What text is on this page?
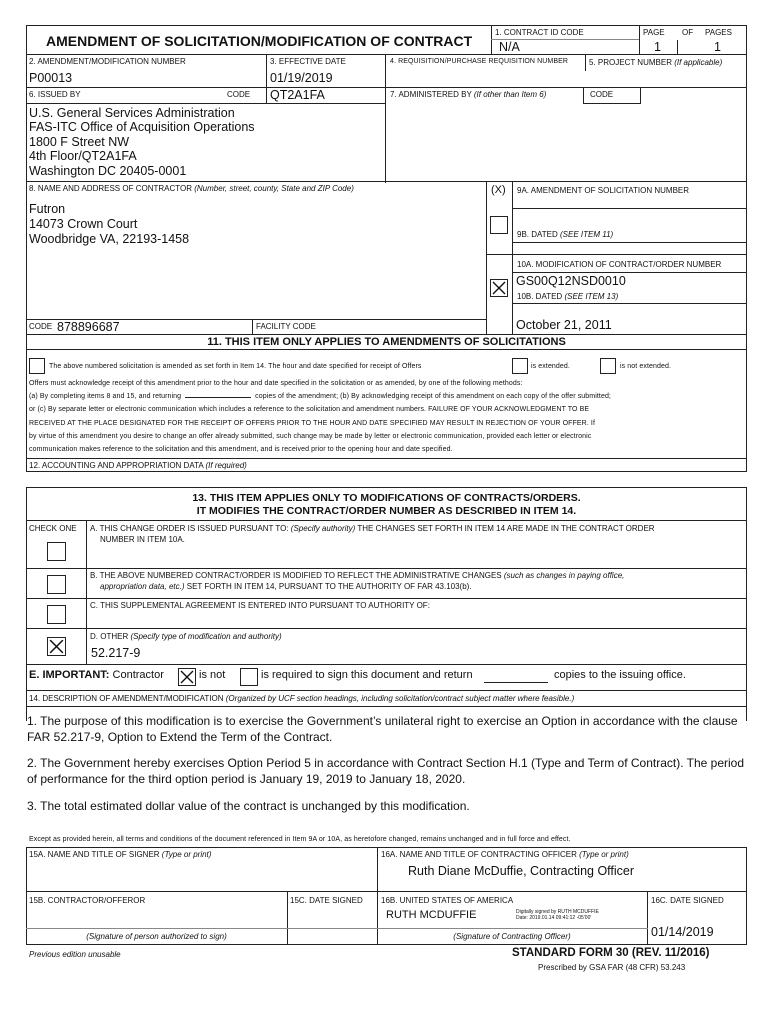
AMENDMENT OF SOLICITATION/MODIFICATION OF CONTRACT
1. CONTRACT ID CODE
N/A
PAGE OF PAGES
1	1
2. AMENDMENT/MODIFICATION NUMBER
P00013
3. EFFECTIVE DATE
01/19/2019
4. REQUISITION/PURCHASE REQUISITION NUMBER	5. PROJECT NUMBER (If applicable)
6. ISSUED BY	CODE QT2A1FA
U.S. General Services Administration
FAS-ITC Office of Acquisition Operations
1800 F Street NW
4th Floor/QT2A1FA
Washington DC 20405-0001
7. ADMINISTERED BY (If other than Item 6)	CODE
8. NAME AND ADDRESS OF CONTRACTOR (Number, street, county, State and ZIP Code)	(X)
Futron
14073 Crown Court
Woodbridge VA, 22193-1458
9A. AMENDMENT OF SOLICITATION NUMBER
9B. DATED (SEE ITEM 11)
10A. MODIFICATION OF CONTRACT/ORDER NUMBER
GS00Q12NSD0010
10B. DATED (SEE ITEM 13)
October 21, 2011
CODE 878896687	FACILITY CODE
11. THIS ITEM ONLY APPLIES TO AMENDMENTS OF SOLICITATIONS
The above numbered solicitation is amended as set forth in Item 14. The hour and date specified for receipt of Offers	is extended.	is not extended.
Offers must acknowledge receipt of this amendment prior to the hour and date specified in the solicitation or as amended, by one of the following methods:
(a) By completing items 8 and 15, and returning	copies of the amendment; (b) By acknowledging receipt of this amendment on each copy of the offer submitted;
or (c) By separate letter or electronic communication which includes a reference to the solicitation and amendment numbers. FAILURE OF YOUR ACKNOWLEDGMENT TO BE
RECEIVED AT THE PLACE DESIGNATED FOR THE RECEIPT OF OFFERS PRIOR TO THE HOUR AND DATE SPECIFIED MAY RESULT IN REJECTION OF YOUR OFFER. If
by virtue of this amendment you desire to change an offer already submitted, such change may be made by letter or electronic communication, provided each letter or electronic
communication makes reference to the solicitation and this amendment, and is received prior to the opening hour and date specified.
12. ACCOUNTING AND APPROPRIATION DATA (If required)
13. THIS ITEM APPLIES ONLY TO MODIFICATIONS OF CONTRACTS/ORDERS.
IT MODIFIES THE CONTRACT/ORDER NUMBER AS DESCRIBED IN ITEM 14.
CHECK ONE A. THIS CHANGE ORDER IS ISSUED PURSUANT TO: (Specify authority) THE CHANGES SET FORTH IN ITEM 14 ARE MADE IN THE CONTRACT ORDER
NUMBER IN ITEM 10A.
B. THE ABOVE NUMBERED CONTRACT/ORDER IS MODIFIED TO REFLECT THE ADMINISTRATIVE CHANGES (such as changes in paying office,
appropriation data, etc.) SET FORTH IN ITEM 14, PURSUANT TO THE AUTHORITY OF FAR 43.103(b).
C. THIS SUPPLEMENTAL AGREEMENT IS ENTERED INTO PURSUANT TO AUTHORITY OF:
D. OTHER (Specify type of modification and authority)
52.217-9
E. IMPORTANT: Contractor	is not	is required to sign this document and return	copies to the issuing office.
14. DESCRIPTION OF AMENDMENT/MODIFICATION (Organized by UCF section headings, including solicitation/contract subject matter where feasible.)
1. The purpose of this modification is to exercise the Government’s unilateral right to exercise an Option in accordance with the clause FAR 52.217-9, Option to Extend the Term of the Contract.
2. The Government hereby exercises Option Period 5 in accordance with Contract Section H.1 (Type and Term of Contract). The period of performance for the third option period is January 19, 2019 to January 18, 2020.
3. The total estimated dollar value of the contract is unchanged by this modification.
Except as provided herein, all terms and conditions of the document referenced in Item 9A or 10A, as heretofore changed, remains unchanged and in full force and effect.
15A. NAME AND TITLE OF SIGNER (Type or print)	16A. NAME AND TITLE OF CONTRACTING OFFICER (Type or print)
Ruth Diane McDuffie, Contracting Officer
15B. CONTRACTOR/OFFEROR	15C. DATE SIGNED 16B. UNITED STATES OF AMERICA	16C. DATE SIGNED
RUTH MCDUFFIE	Digitally signed by RUTH MCDUFFIE
Date: 2019.01.14 09:41:12 -05'00'
01/14/2019
(Signature of person authorized to sign)	(Signature of Contracting Officer)
Previous edition unusable	STANDARD FORM 30 (REV. 11/2016)
Prescribed by GSA FAR (48 CFR) 53.243
